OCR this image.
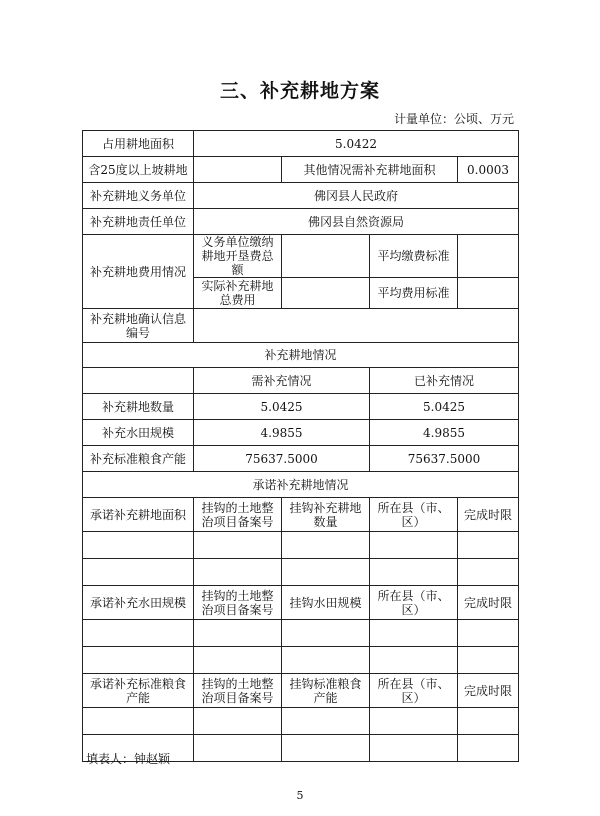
三、补充耕地方案
计量单位：公顷、万元
占用耕地面积	5.0422			
含25度以上坡耕地		其他情况需补充耕地面积		0.0003
补充耕地义务单位	佛冈县人民政府			
补充耕地责任单位	佛冈县自然资源局			
补充耕地费用情况	义务单位缴纳耕地开垦费总额		平均缴费标准	
	实际补充耕地总费用		平均费用标准	
补充耕地确认信息编号				
补充耕地情况				
	需补充情况		已补充情况	
补充耕地数量	5.0425		5.0425	
补充水田规模	4.9855		4.9855	
补充标准粮食产能	75637.5000		75637.5000	
承诺补充耕地情况				
承诺补充耕地面积	挂钩的土地整治项目备案号	挂钩补充耕地数量	所在县（市、区）	完成时限

承诺补充水田规模	挂钩的土地整治项目备案号	挂钩水田规模	所在县（市、区）	完成时限

承诺补充标准粮食产能	挂钩的土地整治项目备案号	挂钩标准粮食产能	所在县（市、区）	完成时限

填表人：钟赵颖
5
